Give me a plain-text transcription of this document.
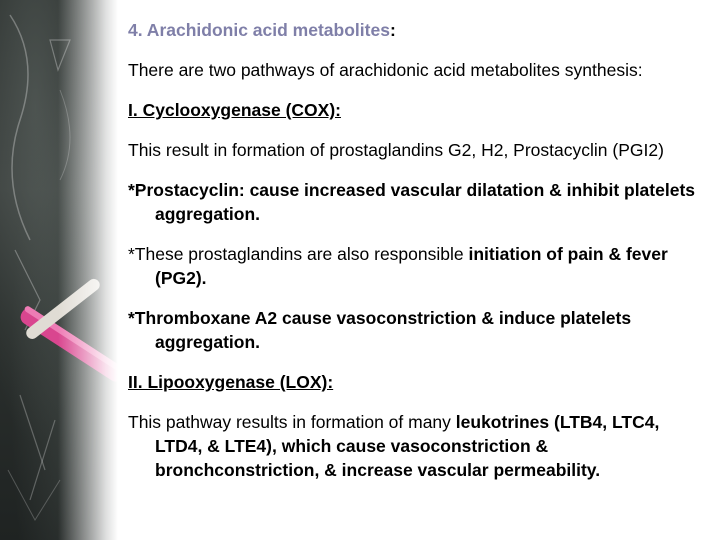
4. Arachidonic acid metabolites:

There are two pathways of arachidonic acid metabolites synthesis:

I. Cyclooxygenase (COX):

This result in formation of prostaglandins G2, H2, Prostacyclin (PGI2)

*Prostacyclin: cause increased vascular dilatation & inhibit platelets aggregation.

*These prostaglandins are also responsible initiation of pain & fever (PG2).

*Thromboxane A2 cause vasoconstriction & induce platelets aggregation.

II. Lipooxygenase (LOX):

This pathway results in formation of many leukotrines (LTB4, LTC4, LTD4, & LTE4), which cause vasoconstriction & bronchconstriction, & increase vascular permeability.
